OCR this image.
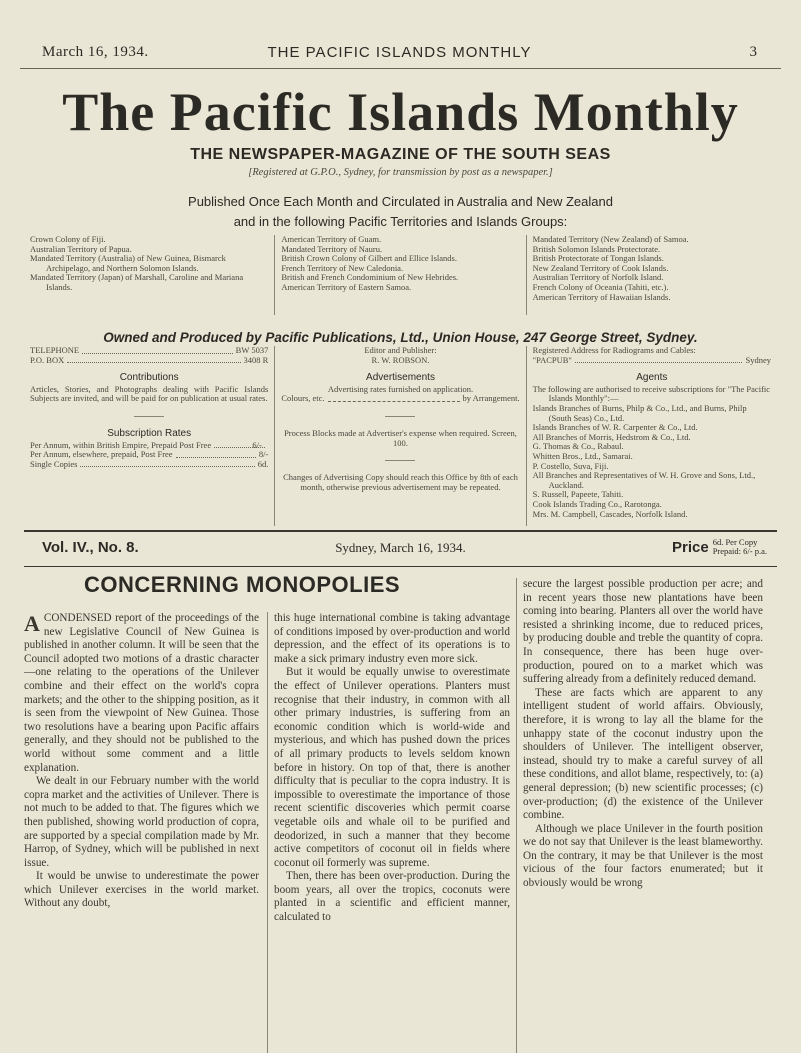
March 16, 1934.	THE PACIFIC ISLANDS MONTHLY	3
The Pacific Islands Monthly
THE NEWSPAPER-MAGAZINE OF THE SOUTH SEAS
[Registered at G.P.O., Sydney, for transmission by post as a newspaper.]
Published Once Each Month and Circulated in Australia and New Zealand
and in the following Pacific Territories and Islands Groups:
Crown Colony of Fiji.
Australian Territory of Papua.
Mandated Territory (Australia) of New Guinea, Bismarck Archipelago, and Northern Solomon Islands.
Mandated Territory (Japan) of Marshall, Caroline and Mariana Islands.
American Territory of Guam.
Mandated Territory of Nauru.
British Crown Colony of Gilbert and Ellice Islands.
French Territory of New Caledonia.
British and French Condominium of New Hebrides.
American Territory of Eastern Samoa.
Mandated Territory (New Zealand) of Samoa.
British Solomon Islands Protectorate.
British Protectorate of Tongan Islands.
New Zealand Territory of Cook Islands.
Australian Territory of Norfolk Island.
French Colony of Oceania (Tahiti, etc.).
American Territory of Hawaiian Islands.
Owned and Produced by Pacific Publications, Ltd., Union House, 247 George Street, Sydney.
TELEPHONE	BW 5037
P.O. BOX	3408 R
Contributions
Articles, Stories, and Photographs dealing with Pacific Islands Subjects are invited, and will be paid for on publication at usual rates.
Subscription Rates
Per Annum, within British Empire, Prepaid Post Free	6/-
Per Annum, elsewhere, prepaid, Post Free	8/-
Single Copies	6d.
Editor and Publisher:
R. W. ROBSON.
Advertisements
Advertising rates furnished on application.
Colours, etc.	by Arrangement.
Process Blocks made at Advertiser's expense when required. Screen, 100.
Changes of Advertising Copy should reach this Office by 8th of each month, otherwise previous advertisement may be repeated.
Registered Address for Radiograms and Cables:
"PACPUB"	Sydney
Agents
The following are authorised to receive subscriptions for "The Pacific Islands Monthly":—
Islands Branches of Burns, Philp & Co., Ltd., and Burns, Philp (South Seas) Co., Ltd.
Islands Branches of W. R. Carpenter & Co., Ltd.
All Branches of Morris, Hedstrom & Co., Ltd.
G. Thomas & Co., Rabaul.
Whitten Bros., Ltd., Samarai.
P. Costello, Suva, Fiji.
All Branches and Representatives of W. H. Grove and Sons, Ltd., Auckland.
S. Russell, Papeete, Tahiti.
Cook Islands Trading Co., Rarotonga.
Mrs. M. Campbell, Cascades, Norfolk Island.
Vol. IV., No. 8.	Sydney, March 16, 1934.	Price 6d. Per Copy
Prepaid: 6/- p.a.
CONCERNING MONOPOLIES

ACONDENSED report of the proceedings of the new Legislative Council of New Guinea is published in another column. It will be seen that the Council adopted two motions of a drastic character—one relating to the operations of the Unilever combine and their effect on the world's copra markets; and the other to the shipping position, as it is seen from the viewpoint of New Guinea. Those two resolutions have a bearing upon Pacific affairs generally, and they should not be published to the world without some comment and a little explanation.

We dealt in our February number with the world copra market and the activities of Unilever. There is not much to be added to that. The figures which we then published, showing world production of copra, are supported by a special compilation made by Mr. Harrop, of Sydney, which will be published in next issue.

It would be unwise to underestimate the power which Unilever exercises in the world market. Without any doubt,

this huge international combine is taking advantage of conditions imposed by over-production and world depression, and the effect of its operations is to make a sick primary industry even more sick.

But it would be equally unwise to overestimate the effect of Unilever operations. Planters must recognise that their industry, in common with all other primary industries, is suffering from an economic condition which is world-wide and mysterious, and which has pushed down the prices of all primary products to levels seldom known before in history. On top of that, there is another difficulty that is peculiar to the copra industry. It is impossible to overestimate the importance of those recent scientific discoveries which permit coarse vegetable oils and whale oil to be purified and deodorized, in such a manner that they become active competitors of coconut oil in fields where coconut oil formerly was supreme.

Then, there has been over-production. During the boom years, all over the tropics, coconuts were planted in a scientific and efficient manner, calculated to

secure the largest possible production per acre; and in recent years those new plantations have been coming into bearing. Planters all over the world have resisted a shrinking income, due to reduced prices, by producing double and treble the quantity of copra. In consequence, there has been huge over-production, poured on to a market which was suffering already from a definitely reduced demand.

These are facts which are apparent to any intelligent student of world affairs. Obviously, therefore, it is wrong to lay all the blame for the unhappy state of the coconut industry upon the shoulders of Unilever. The intelligent observer, instead, should try to make a careful survey of all these conditions, and allot blame, respectively, to: (a) general depression; (b) new scientific processes; (c) over-production; (d) the existence of the Unilever combine.

Although we place Unilever in the fourth position we do not say that Unilever is the least blameworthy. On the contrary, it may be that Unilever is the most vicious of the four factors enumerated; but it obviously would be wrong
